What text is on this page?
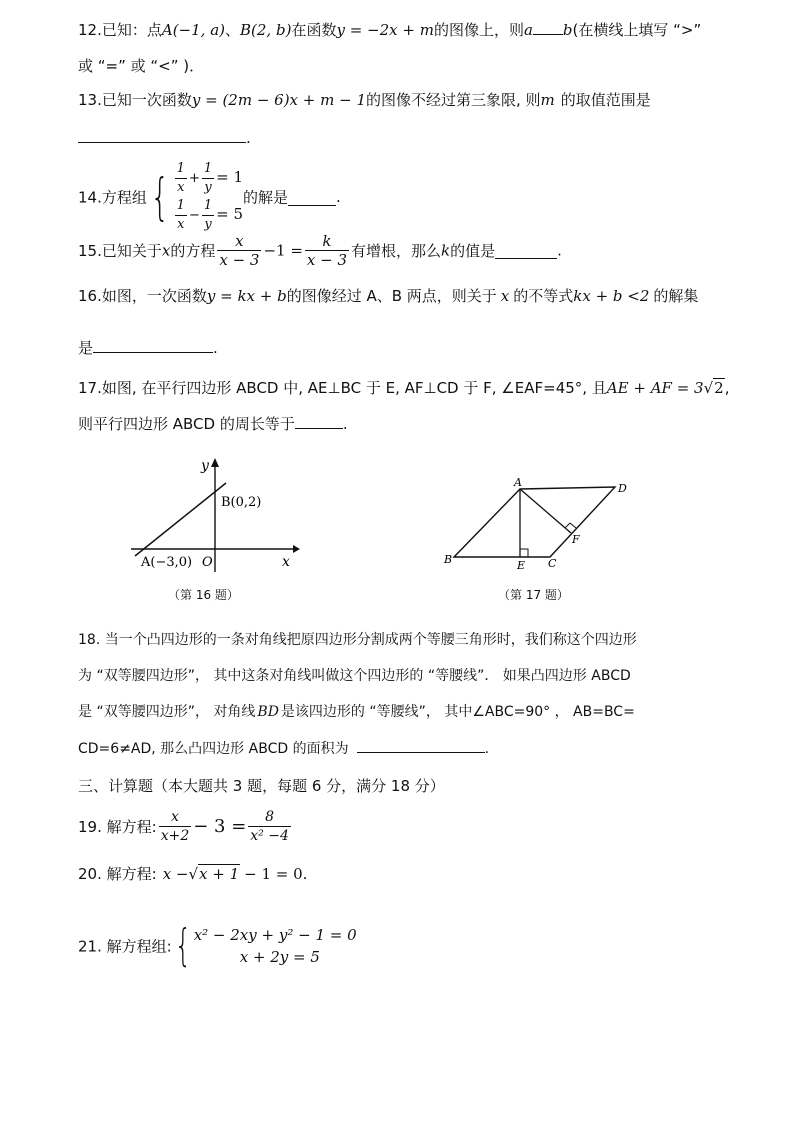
12.已知：点A(−1, a)、B(2, b)在函数y = −2x + m的图像上，则a b(在横线上填写 “>”
或 “=” 或 “<” )．
13.已知一次函数y = (2m − 6)x + m − 1的图像不经过第三象限, 则m 的取值范围是
.
14.方程组{ $\frac{1}{x} + \frac{1}{y} = 1$
$\frac{1}{x} - \frac{1}{y} = 5$
的解是	.
15.已知关于x的方程 $\frac{x}{x - 3} -1 = \frac{k}{x - 3}$ 有增根，那么k的值是	.
16.如图，一次函数y = kx + b的图像经过 A、B 两点，则关于 x 的不等式kx + b <2 的解集
是	.
17.如图, 在平行四边形 ABCD 中, AE⊥BC 于 E, AF⊥CD 于 F, ∠EAF=45°, 且AE + AF = 3√2,
则平行四边形 ABCD 的周长等于	.
y
x
O
B(0,2)
A(−3,0)
（第 16 题）
A
B	C
D
E
F
（第 17 题）
18. 当一个凸四边形的一条对角线把原四边形分割成两个等腰三角形时，我们称这个四边形
为 “双等腰四边形”， 其中这条对角线叫做这个四边形的 “等腰线”． 如果凸四边形 ABCD
是 “双等腰四边形”， 对角线 BD 是该四边形的 “等腰线”， 其中∠ABC=90° ， AB=BC=
CD=6≠AD, 那么凸四边形 ABCD 的面积为	.
三、计算题（本大题共 3 题，每题 6 分，满分 18 分）
19. 解方程: $\frac{x}{x+2} - 3 = \frac{8}{\text{x² −4}}$
20. 解方程: x −√x + 1 − 1 = 0.
21. 解方程组:{ x² − 2xy + y² − 1 = 0
x + 2y = 5
